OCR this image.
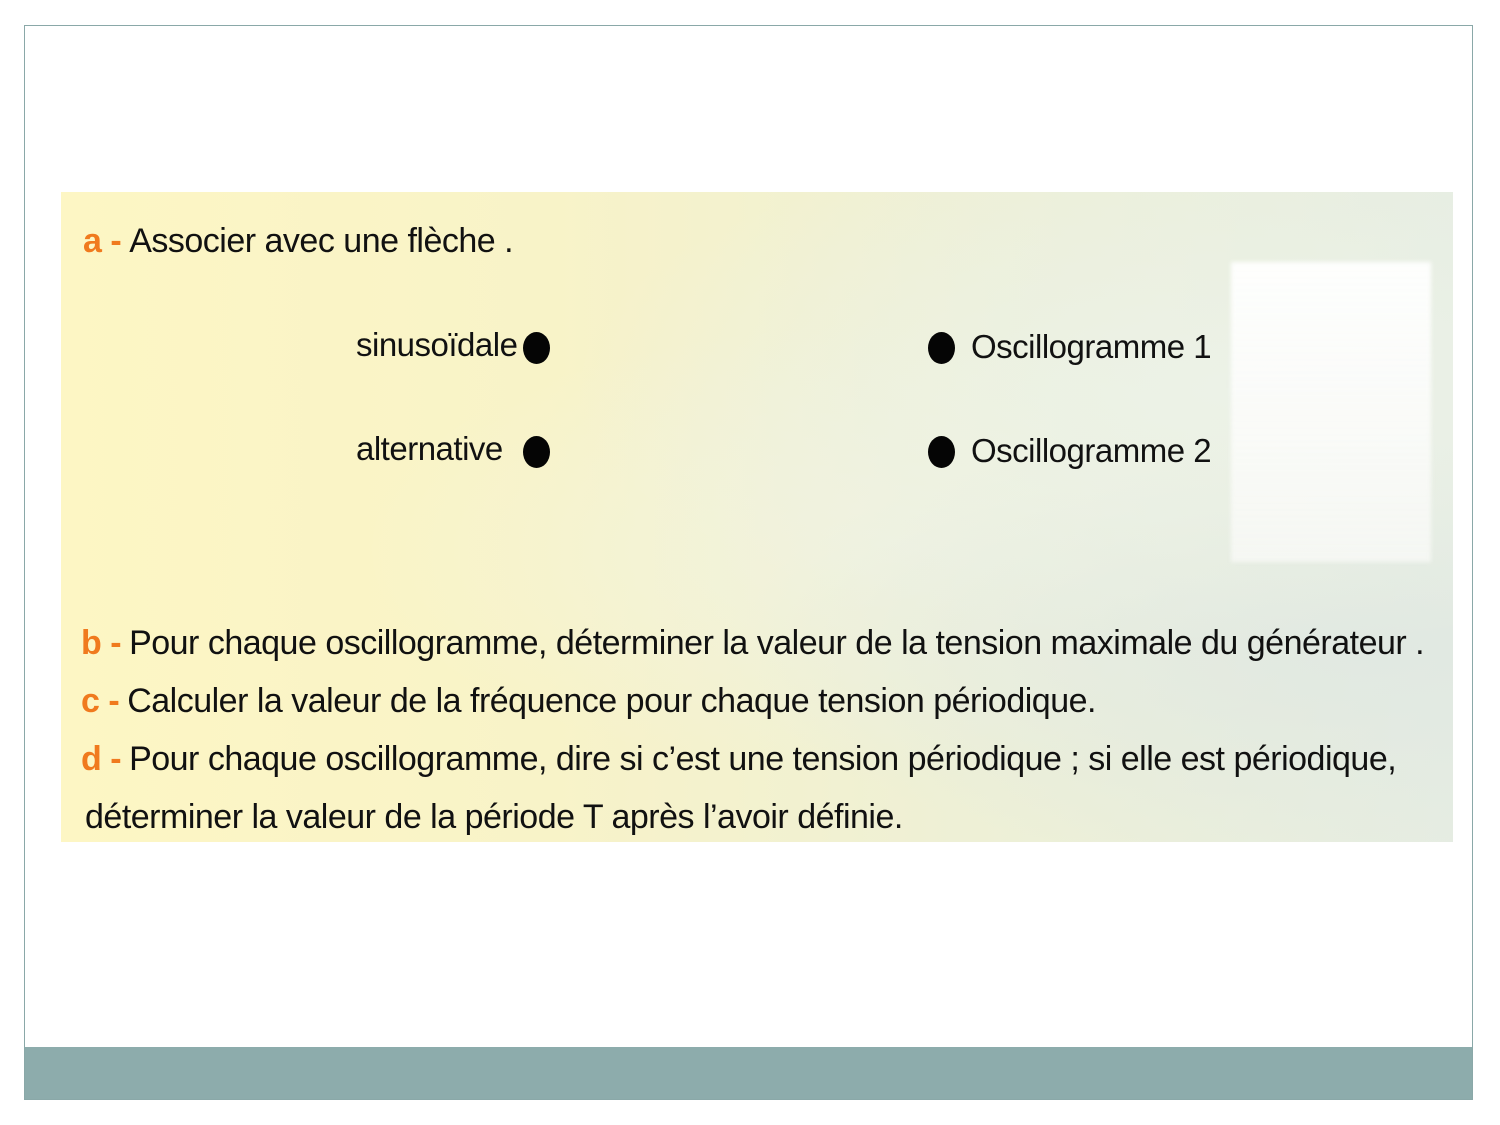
a - Associer avec une flèche .
sinusoïdale
alternative
Oscillogramme 1
Oscillogramme 2
b - Pour chaque oscillogramme, déterminer la valeur de la tension maximale du générateur .
c - Calculer la valeur de la fréquence pour chaque tension périodique.
d - Pour chaque oscillogramme, dire si c’est une tension périodique ; si elle est périodique,
déterminer la valeur de la période T après l’avoir définie.
